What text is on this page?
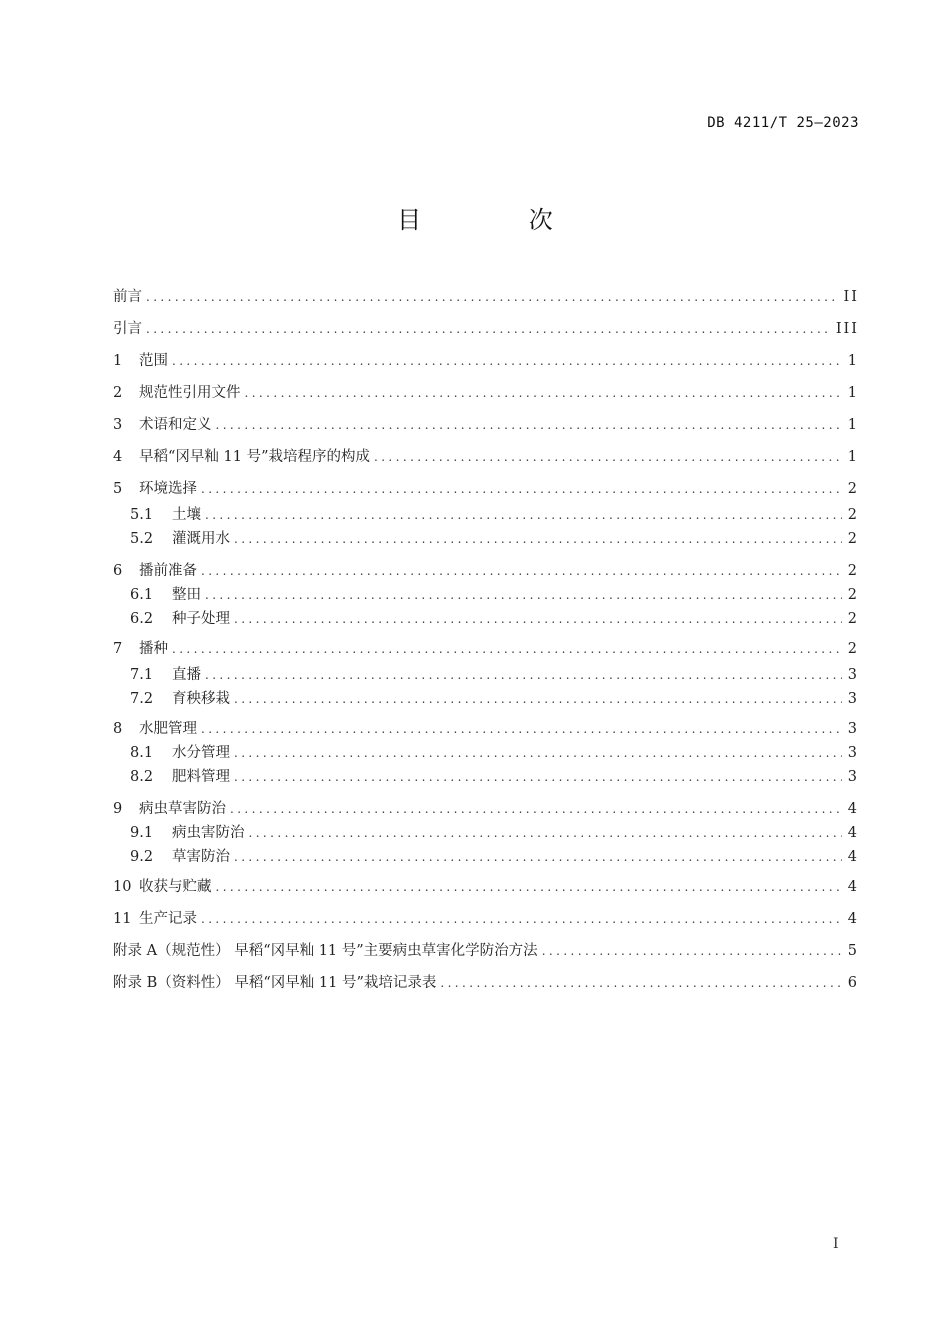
DB 4211/T 25—2023
目 次
前言 .....	II
引言 .....	III
1	范围 .....	1
2	规范性引用文件 .....	1
3	术语和定义 .....	1
4	早稻“冈早籼 11 号”栽培程序的构成 .....	1
5	环境选择 .....	2
5.1	土壤 .....	2
5.2	灌溉用水 .....	2
6	播前准备 .....	2
6.1	整田 .....	2
6.2	种子处理 .....	2
7	播种 .....	2
7.1	直播 .....	3
7.2	育秧移栽 .....	3
8	水肥管理 .....	3
8.1	水分管理 .....	3
8.2	肥料管理 .....	3
9	病虫草害防治 .....	4
9.1	病虫害防治 .....	4
9.2	草害防治 .....	4
10 收获与贮藏 .....	4
11 生产记录 .....	4
附录 A（规范性） 早稻“冈早籼 11 号”主要病虫草害化学防治方法 .....	5
附录 B（资料性） 早稻“冈早籼 11 号”栽培记录表 .....	6
I
